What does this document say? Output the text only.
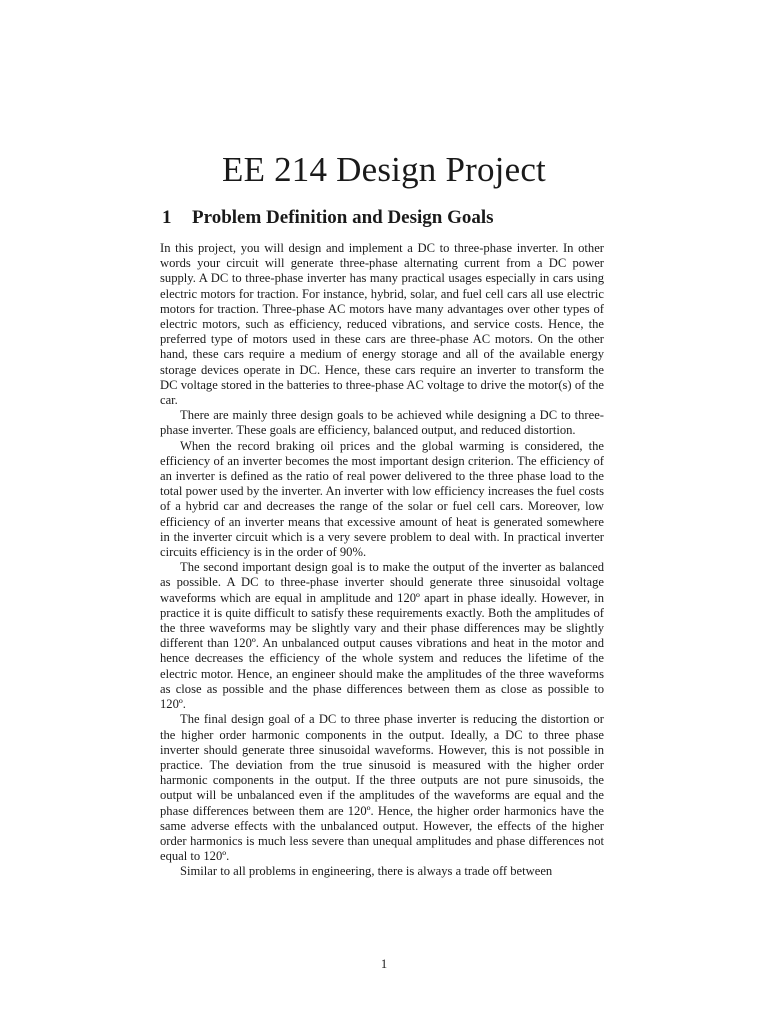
EE 214 Design Project
1 Problem Definition and Design Goals

In this project, you will design and implement a DC to three-phase inverter. In other words your circuit will generate three-phase alternating current from a DC power supply. A DC to three-phase inverter has many practical usages especially in cars using electric motors for traction. For instance, hybrid, solar, and fuel cell cars all use electric motors for traction. Three-phase AC motors have many advantages over other types of electric motors, such as efficiency, reduced vibrations, and service costs. Hence, the preferred type of motors used in these cars are three-phase AC motors. On the other hand, these cars require a medium of energy storage and all of the available energy storage devices operate in DC. Hence, these cars require an inverter to transform the DC voltage stored in the batteries to three-phase AC voltage to drive the motor(s) of the car.

There are mainly three design goals to be achieved while designing a DC to three-phase inverter. These goals are efficiency, balanced output, and reduced distortion.

When the record braking oil prices and the global warming is considered, the efficiency of an inverter becomes the most important design criterion. The efficiency of an inverter is defined as the ratio of real power delivered to the three phase load to the total power used by the inverter. An inverter with low efficiency increases the fuel costs of a hybrid car and decreases the range of the solar or fuel cell cars. Moreover, low efficiency of an inverter means that excessive amount of heat is generated somewhere in the inverter circuit which is a very severe problem to deal with. In practical inverter circuits efficiency is in the order of 90%.

The second important design goal is to make the output of the inverter as balanced as possible. A DC to three-phase inverter should generate three sinusoidal voltage waveforms which are equal in amplitude and 120º apart in phase ideally. However, in practice it is quite difficult to satisfy these requirements exactly. Both the amplitudes of the three waveforms may be slightly vary and their phase differences may be slightly different than 120º. An unbalanced output causes vibrations and heat in the motor and hence decreases the efficiency of the whole system and reduces the lifetime of the electric motor. Hence, an engineer should make the amplitudes of the three waveforms as close as possible and the phase differences between them as close as possible to 120º.

The final design goal of a DC to three phase inverter is reducing the distortion or the higher order harmonic components in the output. Ideally, a DC to three phase inverter should generate three sinusoidal waveforms. However, this is not possible in practice. The deviation from the true sinusoid is measured with the higher order harmonic components in the output. If the three outputs are not pure sinusoids, the output will be unbalanced even if the amplitudes of the waveforms are equal and the phase differences between them are 120º. Hence, the higher order harmonics have the same adverse effects with the unbalanced output. However, the effects of the higher order harmonics is much less severe than unequal amplitudes and phase differences not equal to 120º.

Similar to all problems in engineering, there is always a trade off between

1
